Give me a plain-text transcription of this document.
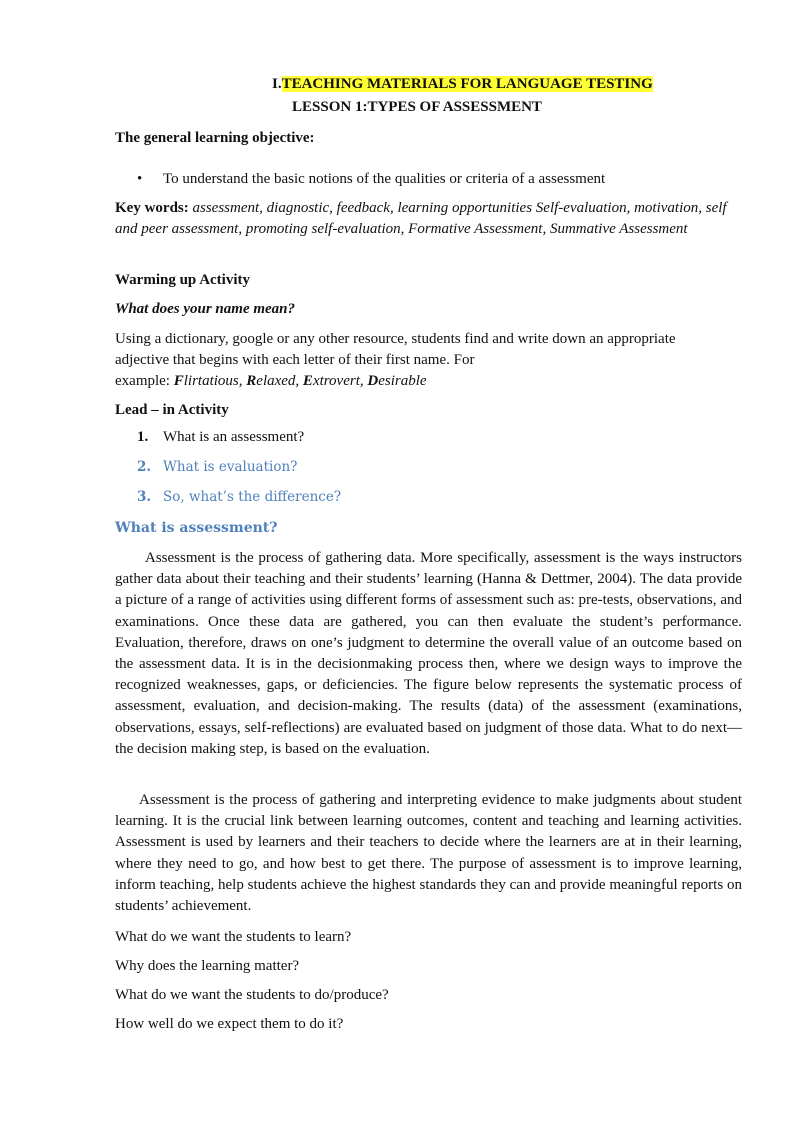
I.TEACHING MATERIALS FOR LANGUAGE TESTING
LESSON 1:TYPES OF ASSESSMENT

The general learning objective:

• To understand the basic notions of the qualities or criteria of a assessment

Key words: assessment, diagnostic, feedback, learning opportunities Self-evaluation, motivation, self and peer assessment, promoting self-evaluation, Formative Assessment, Summative Assessment

Warming up Activity

What does your name mean?

Using a dictionary, google or any other resource, students find and write down an appropriate

adjective that begins with each letter of their first name. For

example: Flirtatious, Relaxed, Extrovert, Desirable

Lead – in Activity

1. What is an assessment?
2. What is evaluation?
3. So, what’s the difference?

What is assessment?

Assessment is the process of gathering data. More specifically, assessment is the ways instructors gather data about their teaching and their students’ learning (Hanna & Dettmer, 2004). The data provide a picture of a range of activities using different forms of assessment such as: pre-tests, observations, and examinations. Once these data are gathered, you can then evaluate the student’s performance. Evaluation, therefore, draws on one’s judgment to determine the overall value of an outcome based on the assessment data. It is in the decisionmaking process then, where we design ways to improve the recognized weaknesses, gaps, or deficiencies. The figure below represents the systematic process of assessment, evaluation, and decision-making. The results (data) of the assessment (examinations, observations, essays, self-reflections) are evaluated based on judgment of those data. What to do next—the decision making step, is based on the evaluation.

Assessment is the process of gathering and interpreting evidence to make judgments about student learning. It is the crucial link between learning outcomes, content and teaching and learning activities. Assessment is used by learners and their teachers to decide where the learners are at in their learning, where they need to go, and how best to get there. The purpose of assessment is to improve learning, inform teaching, help students achieve the highest standards they can and provide meaningful reports on students’ achievement.

What do we want the students to learn?

Why does the learning matter?

What do we want the students to do/produce?

How well do we expect them to do it?
